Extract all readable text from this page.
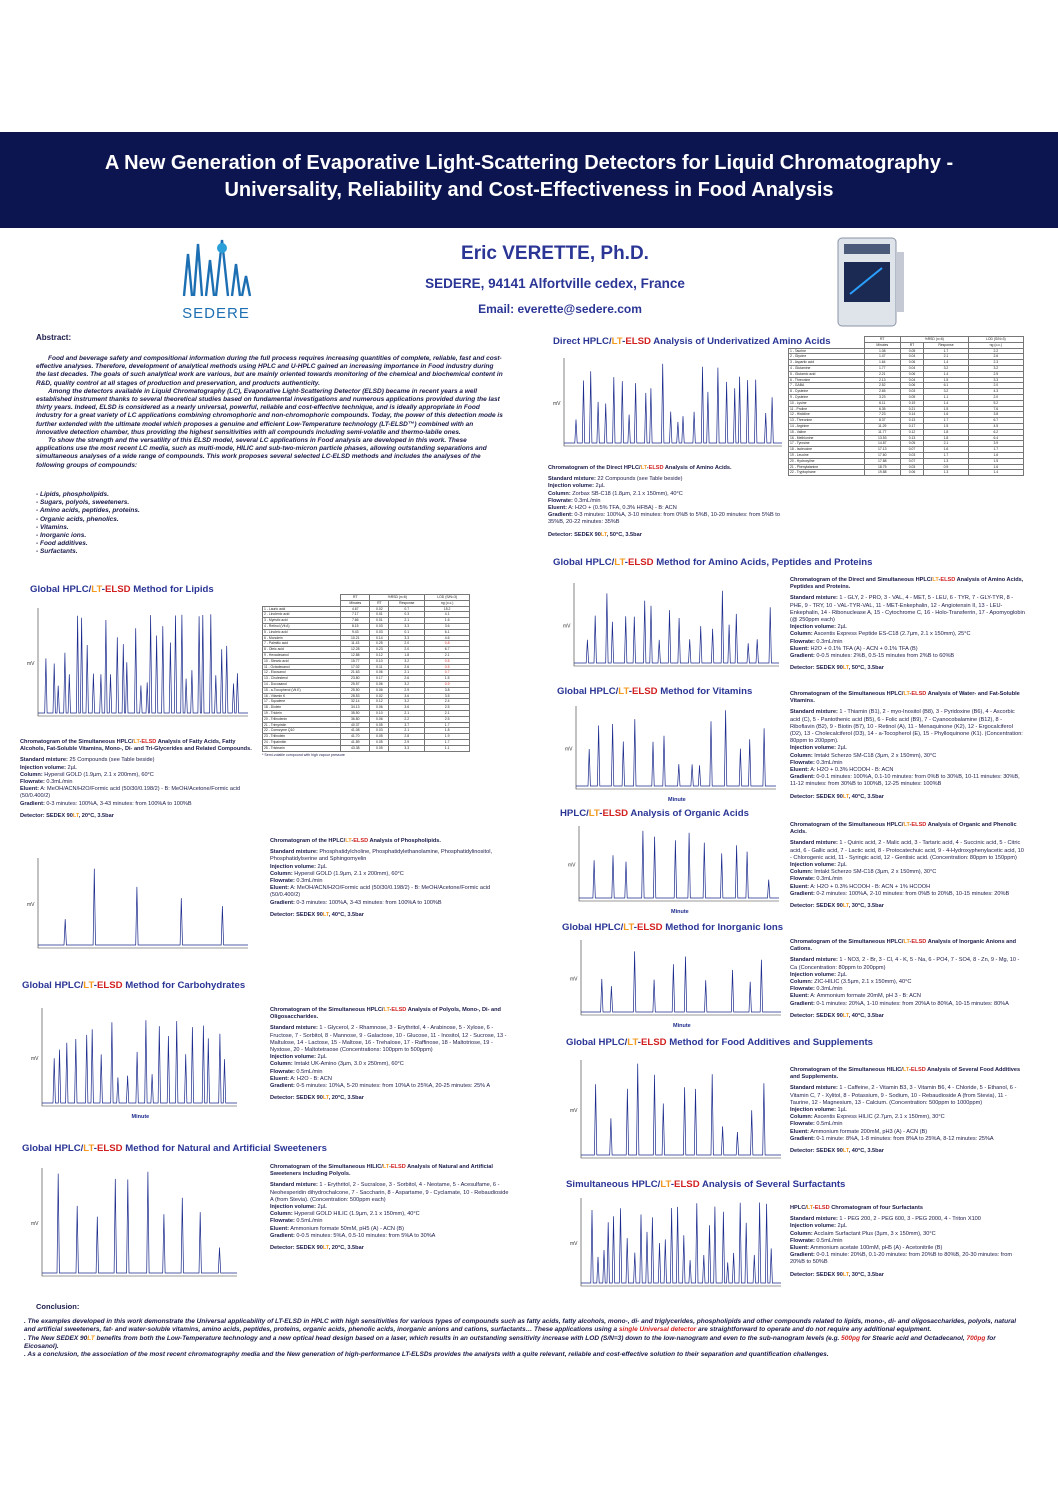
A New Generation of Evaporative Light-Scattering Detectors for Liquid Chromatography -
Universality, Reliability and Cost-Effectiveness in Food Analysis
SEDERE
Eric VERETTE, Ph.D.
SEDERE, 94141 Alfortville cedex, France
Email: everette@sedere.com
Abstract:

Food and beverage safety and compositional information during the full process requires increasing quantities of complete, reliable, fast and cost-effective analyses. Therefore, development of analytical methods using HPLC and U-HPLC gained an increasing importance in Food industry during the last decades. The goals of such analytical work are various, but are mainly oriented towards monitoring of the chemical and biochemical content in R&D, quality control at all stages of production and preservation, and products authenticity.

Among the detectors available in Liquid Chromatography (LC), Evaporative Light-Scattering Detector (ELSD) became in recent years a well established instrument thanks to several theoretical studies based on fundamental investigations and numerous applications provided during the last thirty years. Indeed, ELSD is considered as a nearly universal, powerful, reliable and cost-effective technique, and is ideally appropriate in Food industry for a great variety of LC applications combining chromophoric and non-chromophoric compounds. Today, the power of this detection mode is further extended with the ultimate model which proposes a genuine and efficient Low-Temperature technology (LT-ELSD™) combined with an innovative detection chamber, thus providing the highest sensitivities with all compounds including semi-volatile and thermo-labile ones.

To show the strength and the versatility of this ELSD model, several LC applications in Food analysis are developed in this work. These applications use the most recent LC media, such as multi-mode, HILIC and sub-two-micron particle phases, allowing outstanding separations and simultaneous analyses of a wide range of compounds. This work proposes several selected LC-ELSD methods and includes the analyses of the following groups of compounds:

- Lipids, phospholipids.
- Sugars, polyols, sweeteners.
- Amino acids, peptides, proteins.
- Organic acids, phenolics.
- Vitamins.
- Inorganic ions.
- Food additives.
- Surfactants.
Global HPLC/LT-ELSD Method for Lipids
Global HPLC/LT-ELSD Method for Carbohydrates
Global HPLC/LT-ELSD Method for Natural and Artificial Sweeteners
Direct HPLC/LT-ELSD Analysis of Underivatized Amino Acids
Global HPLC/LT-ELSD Method for Amino Acids, Peptides and Proteins
Global HPLC/LT-ELSD Method for Vitamins
HPLC/LT-ELSD Analysis of Organic Acids
Global HPLC/LT-ELSD Method for Inorganic Ions
Global HPLC/LT-ELSD Method for Food Additives and Supplements
Simultaneous HPLC/LT-ELSD Analysis of Several Surfactants
mV
mV
mV
Minute
mV
mV
mV
mV
Minute
mV
Minute
mV
Minute
mV
mV
	RT	%RSD (n=6)		LOD (S/N=3)
	Minutes	RT	Response	ng (o.c.)
1 - Lauric acid	4.67	0.02	0.7	15.2
2 - Linolenic acid	7.17	0.01	0.3	4.1
3 - Myristic acid	7.66	0.01	2.1	1.6
4 - Retinol (Vit A)	8.15	0.03	3.3	3.6
5 - Linoleic acid	9.43	0.03	0.1	6.1
6 - Monolein	10.21	0.14	3.3	4.6
7 - Palmitic acid	11.43	0.25	2.0	0.8
8 - Oleic acid	12.28	0.23	2.0	6.7
9 - Hexadecanol	12.88	0.12	1.8	2.1
10 - Stearic acid	15.77	0.10	3.2	0.5
11 - Octadecanol	17.02	0.11	2.6	0.5
12 - Eicosanol	21.63	0.06	2.1	0.7
13 - Cholesterol	23.80	0.17	2.6	1.5
14 - Docosanol	25.57	0.06	3.2	0.9
15 - a-Tocopherol (Vit E)	25.50	0.06	2.9	3.8
16 - Vitamin K	28.53	0.02	3.6	3.5
17 - Squalene	32.14	0.12	3.2	2.4
18 - Diolein	34.13	0.06	3.6	2.5
19 - Triolein	35.50	0.10	2.1	2.1
20 - Trilinolenin	36.80	0.06	2.2	2.5
21 - Trimyristin	40.37	0.05	3.7	1.7
22 - Coenzyme Q10	41.08	0.03	2.1	1.8
23 - Trilinolein	41.70	0.05	2.8	1.9
24 - Tripalmitin	41.89	0.05	2.9	1.7
25 - Tristearin	43.38	0.05	3.3	1.1
* Semi-volatile compound with high vapour pressure
	RT	%RSD (n=6)		LOD (S/N=3)
	Minutes	RT	Response	ng (o.c.)
1 - Taurine	1.08	0.05	1.7	2.2
2 - Glycine	1.47	0.04	2.1	2.6
3 - Aspartic acid	1.64	0.06	1.4	2.3
4 - Glutamine	1.77	0.04	3.2	3.2
5 - Glutamic acid	2.21	0.06	1.4	2.5
6 - Threonine	2.13	0.04	1.5	3.3
7 - GABA	2.52	0.06	6.1	2.0
8 - Cysteine	2.65	0.03	3.2	4.3
9 - Cysteine	3.23	0.05	1.1	2.0
10 - Lysine	6.11	0.19	1.4	5.2
11 - Proline	6.35	0.21	1.5	7.6
12 - Histidine	7.23	0.14	1.6	3.8
13 - Threonine	8.37	0.13	1.7	6.7
14 - Arginine	11.29	0.17	1.5	4.5
15 - Valine	11.77	0.12	1.8	6.2
16 - Methionine	13.53	0.13	1.8	6.4
17 - Tyrosine	14.87	0.05	2.1	3.9
18 - Isoleucine	17.13	0.07	1.6	1.7
19 - Leucine	17.60	0.03	1.7	1.6
20 - Hydroxyline	17.88	0.07	1.3	1.5
21 - Phenylalanine	18.75	0.03	0.9	1.6
22 - Tryptophane	19.88	0.06	1.3	1.4
Chromatogram of the Simultaneous HPLC/LT-ELSD Analysis of Fatty Acids, Fatty Alcohols, Fat-Soluble Vitamins, Mono-, Di- and Tri-Glycerides and Related Compounds.
Standard mixture: 25 Compounds (see Table beside)
Injection volume: 2µL
Column: Hypersil GOLD (1.9µm, 2.1 x 200mm), 60°C
Flowrate: 0.3mL/min
Eluent: A: MeOH/ACN/H2O/Formic acid (50/30/0.198/2) - B: MeOH/Acetone/Formic acid (50/0.400/2)
Gradient: 0-3 minutes: 100%A, 3-43 minutes: from 100%A to 100%B
Detector: SEDEX 90LT, 20°C, 3.5bar
Chromatogram of the HPLC/LT-ELSD Analysis of Phospholipids.
Standard mixture: Phosphatidylcholine, Phosphatidylethanolamine, Phosphatidylinositol, Phosphatidylserine and Sphingomyelin
Injection volume: 2µL
Column: Hypersil GOLD (1.9µm, 2.1 x 200mm), 60°C
Flowrate: 0.3mL/min
Eluent: A: MeOH/ACN/H2O/Formic acid (50/30/0.198/2) - B: MeOH/Acetone/Formic acid (50/0.400/2)
Gradient: 0-3 minutes: 100%A, 3-43 minutes: from 100%A to 100%B
Detector: SEDEX 90LT, 40°C, 3.5bar
Chromatogram of the Simultaneous HPLC/LT-ELSD Analysis of Polyols, Mono-, Di- and Oligosaccharides.
Standard mixture: 1 - Glycerol, 2 - Rhamnose, 3 - Erythritol, 4 - Arabinose, 5 - Xylose, 6 - Fructose, 7 - Sorbitol, 8 - Mannose, 9 - Galactose, 10 - Glucose, 11 - Inositol, 12 - Sucrose, 13 - Maltulose, 14 - Lactose, 15 - Maltose, 16 - Trehalose, 17 - Raffinose, 18 - Maltotriose, 19 - Nystose, 20 - Maltotetraose (Concentrations: 100ppm to 500ppm)
Injection volume: 2µL
Column: Imtakt UK-Amino (3µm, 3.0 x 250mm), 60°C
Flowrate: 0.5mL/min
Eluent: A: H2O - B: ACN
Gradient: 0-5 minutes: 10%A, 5-20 minutes: from 10%A to 25%A, 20-25 minutes: 25% A
Detector: SEDEX 90LT, 20°C, 3.5bar
Chromatogram of the Simultaneous HILIC/LT-ELSD Analysis of Natural and Artificial Sweeteners including Polyols.
Standard mixture: 1 - Erythritol, 2 - Sucralose, 3 - Sorbitol, 4 - Neotame, 5 - Acesulfame, 6 - Neohesperidin dihydrochalcone, 7 - Saccharin, 8 - Aspartame, 9 - Cyclamate, 10 - Rebaudioside A (from Stevia). (Concentration: 500ppm each)
Injection volume: 2µL
Column: Hypersil GOLD HILIC (1.9µm, 2.1 x 150mm), 40°C
Flowrate: 0.5mL/min
Eluent: Ammonium formate 50mM, pH5 (A) - ACN (B)
Gradient: 0-0.5 minutes: 5%A, 0.5-10 minutes: from 5%A to 30%A
Detector: SEDEX 90LT, 20°C, 3.5bar
Chromatogram of the Direct HPLC/LT-ELSD Analysis of Amino Acids.
Standard mixture: 22 Compounds (see Table beside)
Injection volume: 2µL
Column: Zorbax SB-C18 (1.8µm, 2.1 x 150mm), 40°C
Flowrate: 0.3mL/min
Eluent: A: H2O + (0.5% TFA, 0.3% HFBA) - B: ACN
Gradient: 0-3 minutes: 100%A, 3-10 minutes: from 0%B to 5%B, 10-20 minutes: from 5%B to 35%B, 20-22 minutes: 35%B
Detector: SEDEX 90LT, 50°C, 3.5bar
Chromatogram of the Direct and Simultaneous HPLC/LT-ELSD Analysis of Amino Acids, Peptides and Proteins.
Standard mixture: 1 - GLY, 2 - PRO, 3 - VAL, 4 - MET, 5 - LEU, 6 - TYR, 7 - GLY-TYR, 8 - PHE, 9 - TRY, 10 - VAL-TYR-VAL, 11 - MET-Enkephalin, 12 - Angiotensin II, 13 - LEU-Enkephalin, 14 - Ribonuclease A, 15 - Cytochrome C, 16 - Holo-Transferrin, 17 - Apomyoglobin (@ 250ppm each)
Injection volume: 2µL
Column: Ascentis Express Peptide ES-C18 (2.7µm, 2.1 x 150mm), 25°C
Flowrate: 0.3mL/min
Eluent: H2O + 0.1% TFA (A) - ACN + 0.1% TFA (B)
Gradient: 0-0.5 minutes: 2%B, 0.5-15 minutes from 2%B to 60%B
Detector: SEDEX 90LT, 50°C, 3.5bar
Chromatogram of the Simultaneous HPLC/LT-ELSD Analysis of Water- and Fat-Soluble Vitamins.
Standard mixture: 1 - Thiamin (B1), 2 - myo-Inositol (B8), 3 - Pyridoxine (B6), 4 - Ascorbic acid (C), 5 - Pantothenic acid (B5), 6 - Folic acid (B9), 7 - Cyanocobalamine (B12), 8 - Riboflavin (B2), 9 - Biotin (B7), 10 - Retinol (A), 11 - Menaquinone (K2), 12 - Ergocalciferol (D2), 13 - Cholecalciferol (D3), 14 - a-Tocopherol (E), 15 - Phylloquinone (K1). (Concentration: 80ppm to 200ppm).
Injection volume: 2µL
Column: Imtakt Scherzo SM-C18 (3µm, 2 x 150mm), 30°C
Flowrate: 0.3mL/min
Eluent: A: H2O + 0.3% HCOOH - B: ACN
Gradient: 0-0.1 minutes: 100%A, 0.1-10 minutes: from 0%B to 30%B, 10-11 minutes: 30%B, 11-12 minutes: from 30%B to 100%B, 12-25 minutes: 100%B
Detector: SEDEX 90LT, 40°C, 3.5bar
Chromatogram of the Simultaneous HPLC/LT-ELSD Analysis of Organic and Phenolic Acids.
Standard mixture: 1 - Quinic acid, 2 - Malic acid, 3 - Tartaric acid, 4 - Succinic acid, 5 - Citric acid, 6 - Gallic acid, 7 - Lactic acid, 8 - Protocatechuic acid, 9 - 4-Hydroxyphenylacetic acid, 10 - Chlorogenic acid, 11 - Syringic acid, 12 - Gentisic acid. (Concentration: 80ppm to 150ppm)
Injection volume: 2µL
Column: Imtakt Scherzo SM-C18 (3µm, 2 x 150mm), 30°C
Flowrate: 0.3mL/min
Eluent: A: H2O + 0.3% HCOOH - B: ACN + 1% HCOOH
Gradient: 0-2 minutes: 100%A, 2-10 minutes: from 0%B to 20%B, 10-15 minutes: 20%B
Detector: SEDEX 90LT, 30°C, 3.5bar
Chromatogram of the Simultaneous HPLC/LT-ELSD Analysis of Inorganic Anions and Cations.
Standard mixture: 1 - NO3, 2 - Br, 3 - Cl, 4 - K, 5 - Na, 6 - PO4, 7 - SO4, 8 - Zn, 9 - Mg, 10 - Ca (Concentration: 80ppm to 200ppm)
Injection volume: 2µL
Column: ZIC-HILIC (3.5µm, 2.1 x 150mm), 40°C
Flowrate: 0.3mL/min
Eluent: A: Ammonium formate 20mM, pH 3 - B: ACN
Gradient: 0-1 minutes: 20%A, 1-10 minutes: from 20%A to 80%A, 10-15 minutes: 80%A
Detector: SEDEX 90LT, 40°C, 3.5bar
Chromatogram of the Simultaneous HILIC/LT-ELSD Analysis of Several Food Additives and Supplements.
Standard mixture: 1 - Caffeine, 2 - Vitamin B3, 3 - Vitamin B6, 4 - Chloride, 5 - Ethanol, 6 - Vitamin C, 7 - Xylitol, 8 - Potassium, 9 - Sodium, 10 - Rebaudioside A (from Stevia), 11 - Taurine, 12 - Magnesium, 13 - Calcium. (Concentration: 500ppm to 1000ppm)
Injection volume: 1µL
Column: Ascentis Express HILIC (2.7µm, 2.1 x 150mm), 30°C
Flowrate: 0.5mL/min
Eluent: Ammonium formate 200mM, pH3 (A) - ACN (B)
Gradient: 0-1 minute: 8%A, 1-8 minutes: from 8%A to 25%A, 8-12 minutes: 25%A
Detector: SEDEX 90LT, 40°C, 3.5bar
HPLC/LT-ELSD Chromatogram of four Surfactants
Standard mixture: 1 - PEG 200, 2 - PEG 600, 3 - PEG 2000, 4 - Triton X100
Injection volume: 2µL
Column: Acclaim Surfactant Plus (3µm, 3 x 150mm), 30°C
Flowrate: 0.5mL/min
Eluent: Ammonium acetate 100mM, pH5 (A) - Acetonitrile (B)
Gradient: 0-0.1 minute: 20%B, 0.1-20 minutes: from 20%B to 80%B, 20-30 minutes: from 20%B to 50%B
Detector: SEDEX 90LT, 30°C, 3.5bar
Conclusion:

. The examples developed in this work demonstrate the Universal applicability of LT-ELSD in HPLC with high sensitivities for various types of compounds such as fatty acids, fatty alcohols, mono-, di- and triglycerides, phospholipids and other compounds related to lipids, mono-, di- and oligosaccharides, polyols, natural and artificial sweeteners, fat- and water-soluble vitamins, amino acids, peptides, proteins, organic acids, phenolic acids, inorganic anions and cations, surfactants… These applications using a single Universal detector are straightforward to operate and do not require any additional equipment.

. The New SEDEX 90LT benefits from both the Low-Temperature technology and a new optical head design based on a laser, which results in an outstanding sensitivity increase with LOD (S/N=3) down to the low-nanogram and even to the sub-nanogram levels (e.g. 500pg for Stearic acid and Octadecanol, 700pg for Eicosanol).

. As a conclusion, the association of the most recent chromatography media and the New generation of high-performance LT-ELSDs provides the analysts with a quite relevant, reliable and cost-effective solution to their separation and quantification challenges.
